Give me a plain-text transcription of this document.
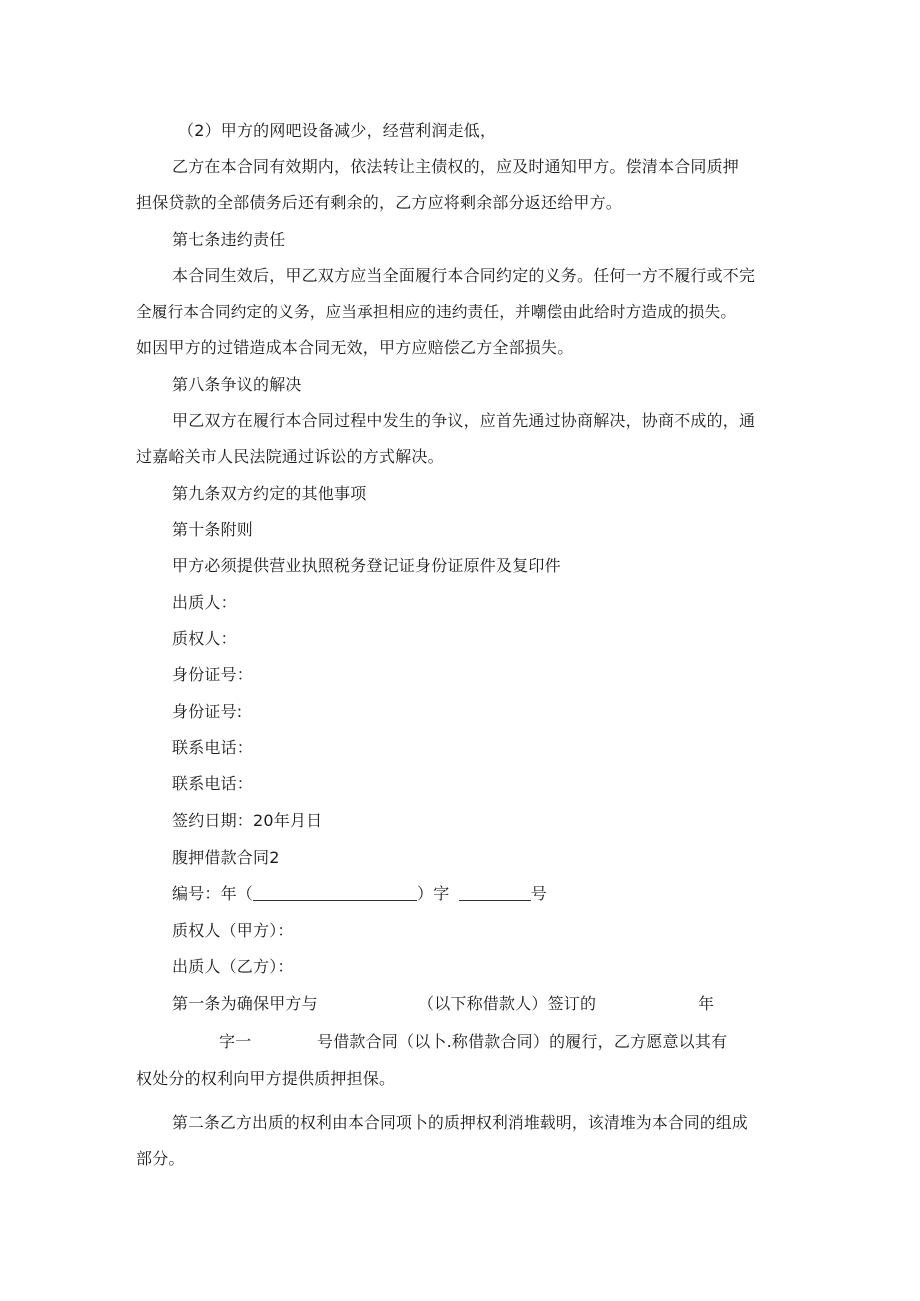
（2）甲方的网吧设备减少，经营利润走低，
乙方在本合同有效期内，依法转让主债权的，应及时通知甲方。偿清本合同质押
担保贷款的全部债务后还有剩余的，乙方应将剩余部分返还给甲方。
第七条违约责任
本合同生效后，甲乙双方应当全面履行本合同约定的义务。任何一方不履行或不完
全履行本合同约定的义务，应当承担相应的违约责任，并嘲偿由此给时方造成的损失。
如因甲方的过错造成本合同无效，甲方应赔偿乙方全部损失。
第八条争议的解决
甲乙双方在履行本合同过程中发生的争议，应首先通过协商解决，协商不成的，通
过嘉峪关市人民法院通过诉讼的方式解决。
第九条双方约定的其他事项
第十条附则
甲方必须提供营业执照税务登记证身份证原件及复印件
出质人：
质权人：
身份证号：
身份证号:
联系电话：
联系电话：
签约日期：20年月日
腹押借款合同2
编号：年（	）字	号
质权人（甲方）：
出质人（乙方）：
第一条为确保甲方与	（以下称借款人）签订的	年
字一	号借款合同（以卜.称借款合同）的履行，乙方愿意以其有
权处分的权利向甲方提供质押担保。
第二条乙方出质的权利由本合同项卜的质押权利消堆载明，该清堆为本合同的组成
部分。
